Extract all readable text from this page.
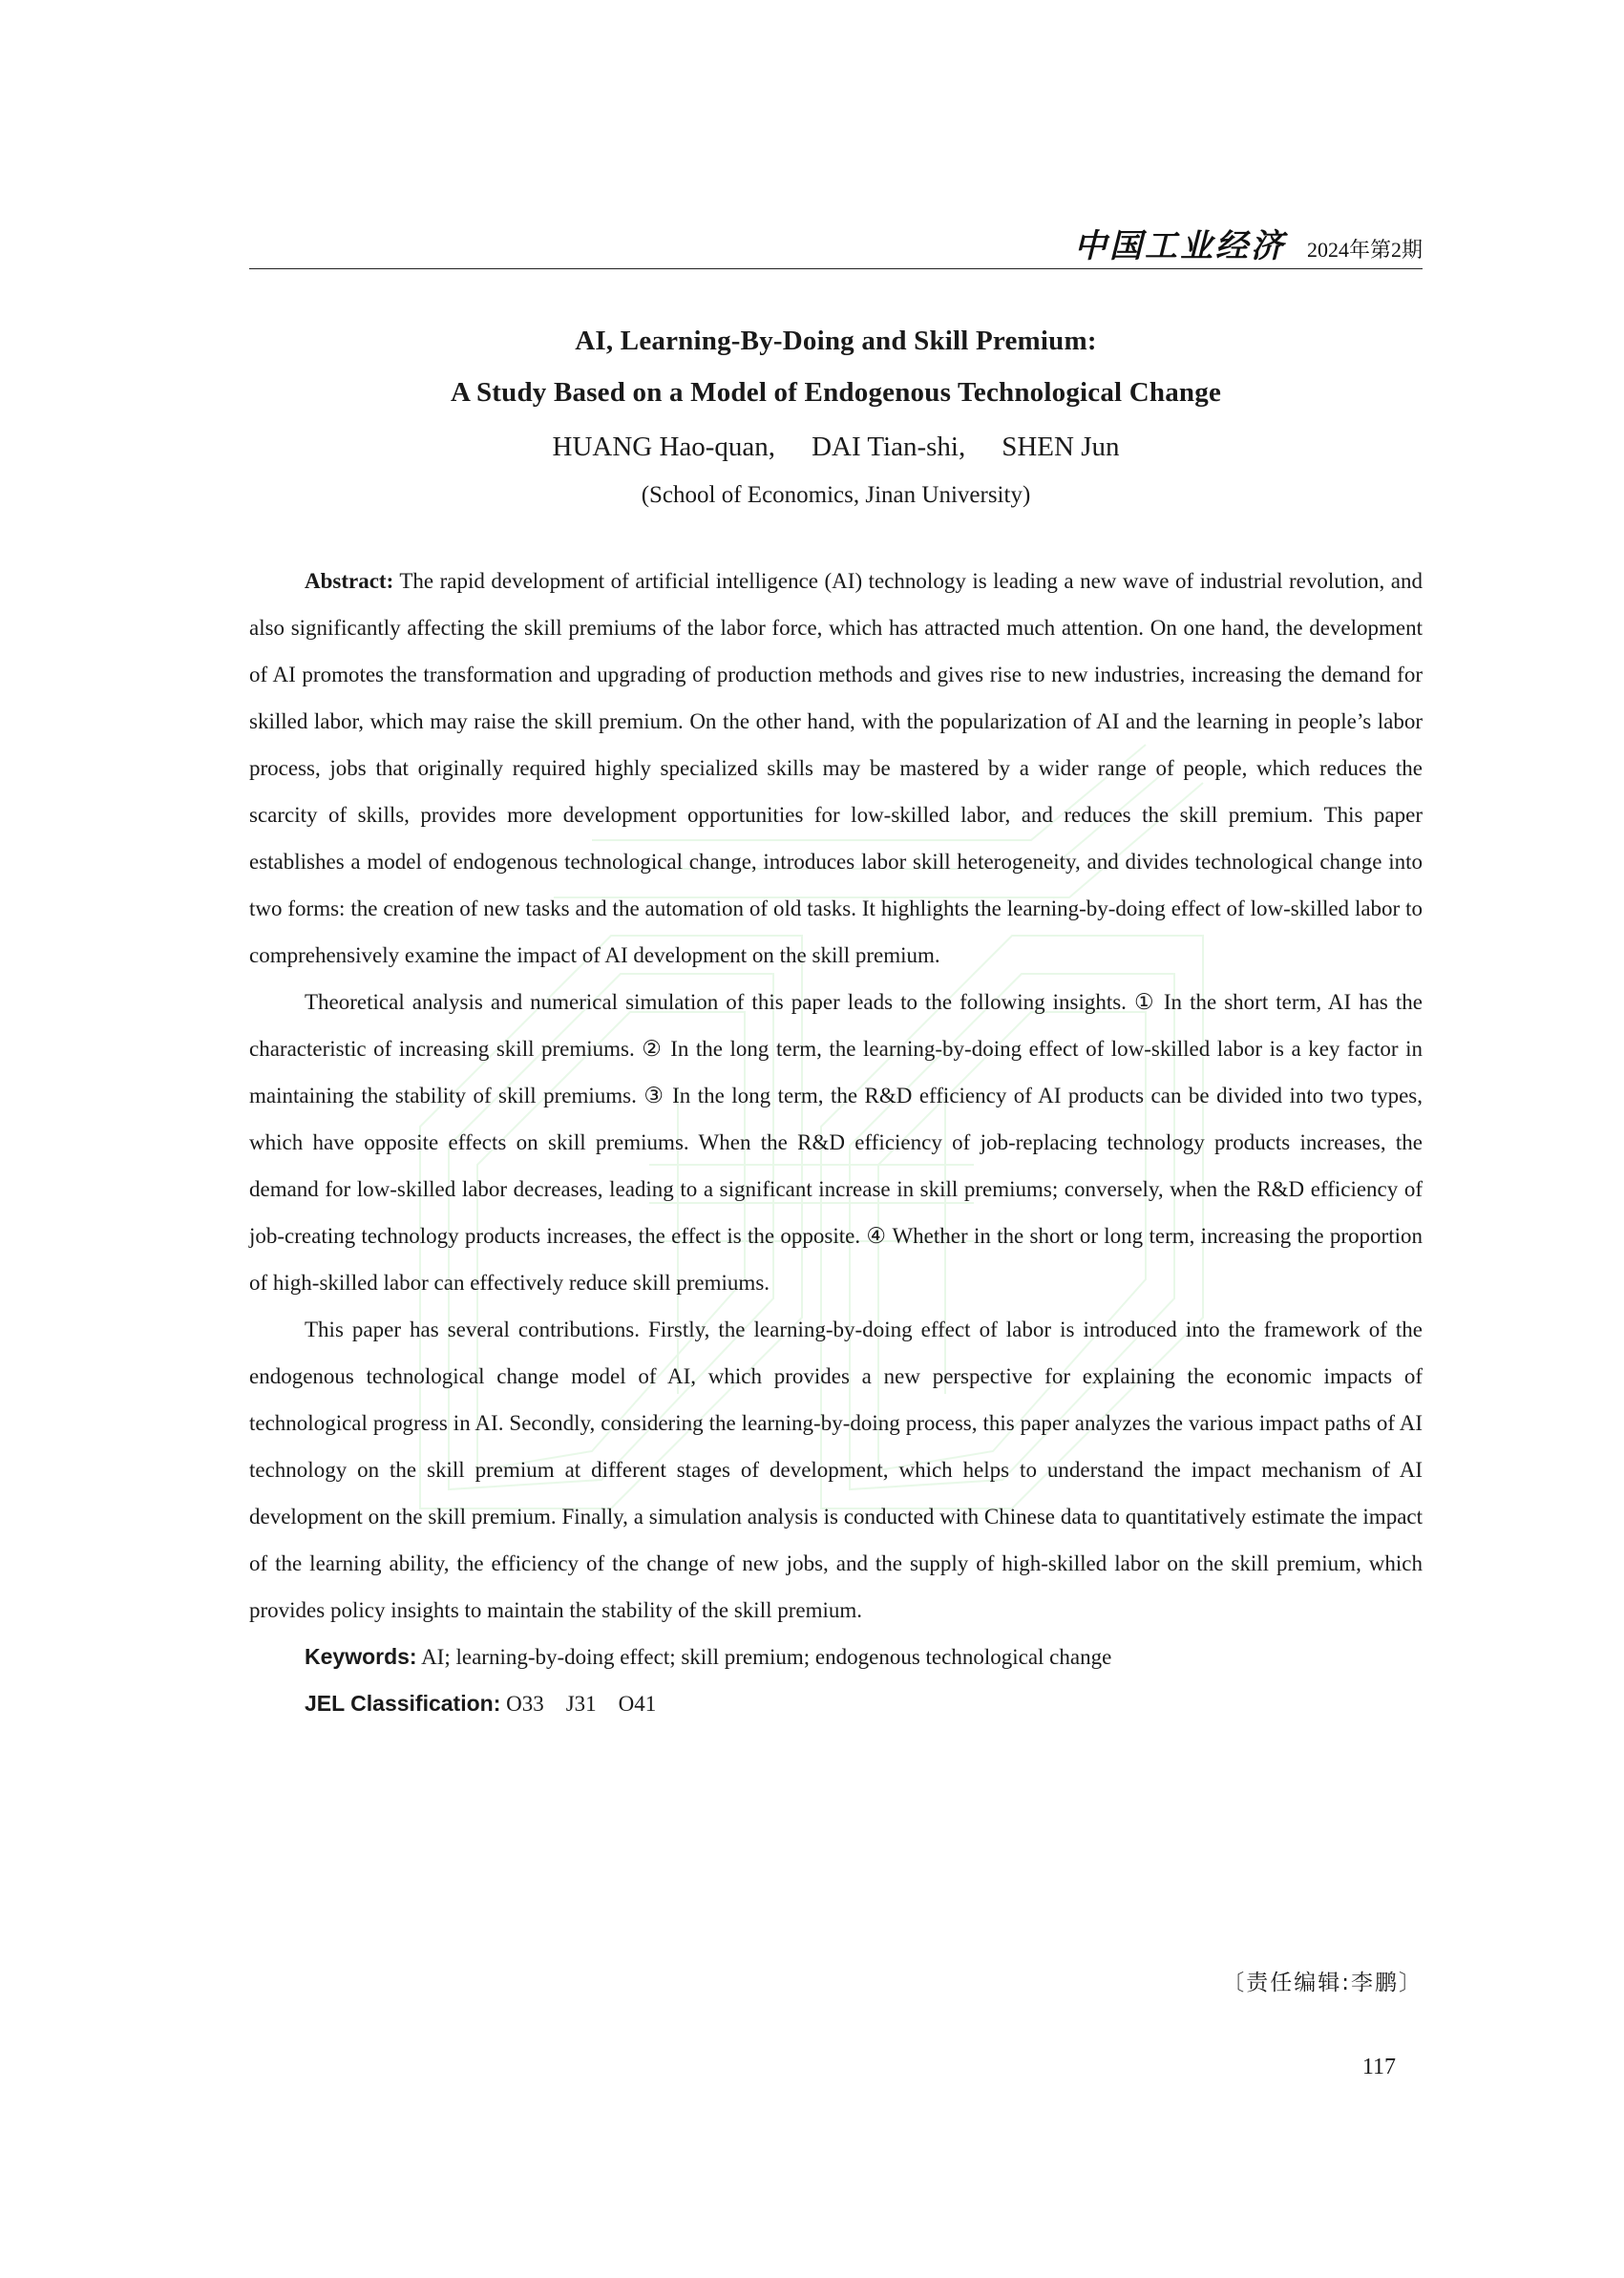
中国工业经济 2024年第2期
AI, Learning-By-Doing and Skill Premium:
A Study Based on a Model of Endogenous Technological Change
HUANG Hao-quan, DAI Tian-shi, SHEN Jun
(School of Economics, Jinan University)

Abstract: The rapid development of artificial intelligence (AI) technology is leading a new wave of industrial revolution, and also significantly affecting the skill premiums of the labor force, which has attracted much attention. On one hand, the development of AI promotes the transformation and upgrading of production methods and gives rise to new industries, increasing the demand for skilled labor, which may raise the skill premium. On the other hand, with the popularization of AI and the learning in people’s labor process, jobs that originally required highly specialized skills may be mastered by a wider range of people, which reduces the scarcity of skills, provides more development opportunities for low-skilled labor, and reduces the skill premium. This paper establishes a model of endogenous technological change, introduces labor skill heterogeneity, and divides technological change into two forms: the creation of new tasks and the automation of old tasks. It highlights the learning-by-doing effect of low-skilled labor to comprehensively examine the impact of AI development on the skill premium.

Theoretical analysis and numerical simulation of this paper leads to the following insights. ① In the short term, AI has the characteristic of increasing skill premiums. ② In the long term, the learning-by-doing effect of low-skilled labor is a key factor in maintaining the stability of skill premiums. ③ In the long term, the R&D efficiency of AI products can be divided into two types, which have opposite effects on skill premiums. When the R&D efficiency of job-replacing technology products increases, the demand for low-skilled labor decreases, leading to a significant increase in skill premiums; conversely, when the R&D efficiency of job-creating technology products increases, the effect is the opposite. ④ Whether in the short or long term, increasing the proportion of high-skilled labor can effectively reduce skill premiums.

This paper has several contributions. Firstly, the learning-by-doing effect of labor is introduced into the framework of the endogenous technological change model of AI, which provides a new perspective for explaining the economic impacts of technological progress in AI. Secondly, considering the learning-by-doing process, this paper analyzes the various impact paths of AI technology on the skill premium at different stages of development, which helps to understand the impact mechanism of AI development on the skill premium. Finally, a simulation analysis is conducted with Chinese data to quantitatively estimate the impact of the learning ability, the efficiency of the change of new jobs, and the supply of high-skilled labor on the skill premium, which provides policy insights to maintain the stability of the skill premium.

Keywords: AI; learning-by-doing effect; skill premium; endogenous technological change

JEL Classification: O33　J31　O41

〔责任编辑:李鹏〕
117
